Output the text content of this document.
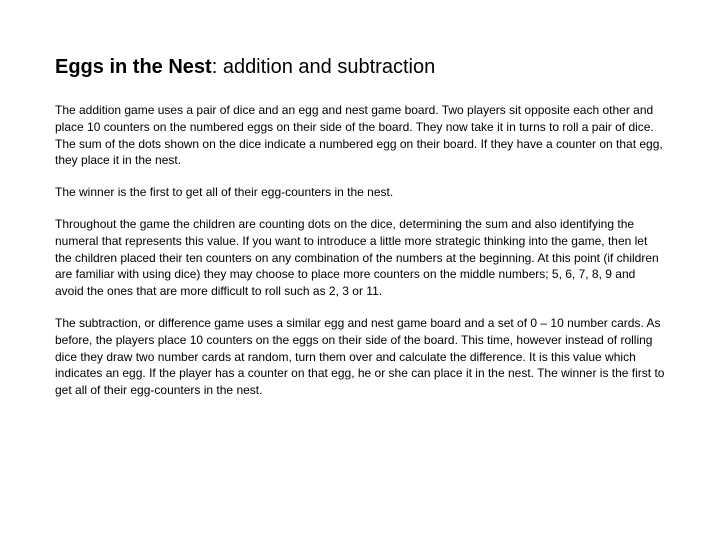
Eggs in the Nest: addition and subtraction

The addition game uses a pair of dice and an egg and nest game board. Two players sit opposite each other and place 10 counters on the numbered eggs on their side of the board. They now take it in turns to roll a pair of dice. The sum of the dots shown on the dice indicate a numbered egg on their board. If they have a counter on that egg, they place it in the nest.

The winner is the first to get all of their egg-counters in the nest.

Throughout the game the children are counting dots on the dice, determining the sum and also identifying the numeral that represents this value. If you want to introduce a little more strategic thinking into the game, then let the children placed their ten counters on any combination of the numbers at the beginning. At this point (if children are familiar with using dice) they may choose to place more counters on the middle numbers; 5, 6, 7, 8, 9 and avoid the ones that are more difficult to roll such as 2, 3 or 11.

The subtraction, or difference game uses a similar egg and nest game board and a set of 0 – 10 number cards. As before, the players place 10 counters on the eggs on their side of the board. This time, however instead of rolling dice they draw two number cards at random, turn them over and calculate the difference. It is this value which indicates an egg. If the player has a counter on that egg, he or she can place it in the nest. The winner is the first to get all of their egg-counters in the nest.
